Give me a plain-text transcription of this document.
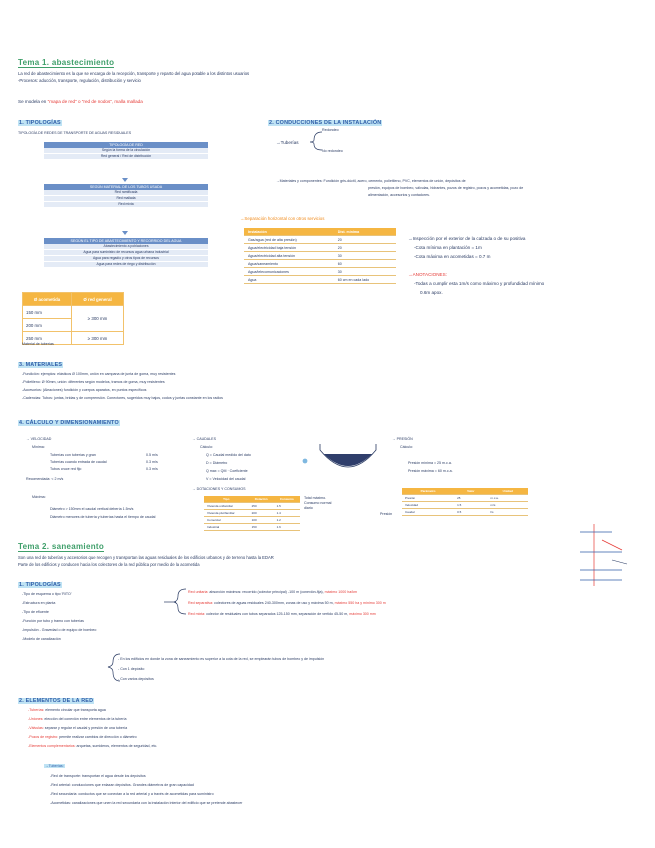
Tema 1. abastecimiento
La red de abastecimiento es la que se encarga de la recepción, transporte y reparto del agua potable a los distintos usuarios
-Procesos: aducción, transporte, regulación, distribución y servicio
Se modela en "mapa de red" o "red de nodos", malla mallada
1. TIPOLOGÍAS
TIPOLOGÍA DE REDES DE TRANSPORTE DE AGUAS RESIDUALES
TIPOLOGÍA DE RED
Según la forma de la circulación
Red general / Red de distribución
SEGÚN MATERIAL DE LOS TUBOS USADA
Red ramificada
Red mallada
Red mixta
SEGÚN EL TIPO DE ABASTECIMIENTO Y RECORRIDO DEL AGUA
Abastecimiento a poblaciones
Agua para suministro de recursos agua urbana industrial
Agua para regadío y otros tipos de recursos
Agua para redes de riego y distribución
Ø acometida	Ø red general
150 mm	≥ 300 mm
200 mm	
250 mm	≥ 300 mm
Material de tuberías
2. CONDUCCIONES DE LA INSTALACIÓN
→Tuberías
Redondeo
No redondeo
→Materiales y componentes: Fundición gris-dúctil, acero, cemento, polietileno, PVC, elementos de unión, depósitos de
presión, equipos de bombeo, válvulas, hidrantes, pozos de registro, pozos y acometidas, pozo de
alimentación, accesorios y contadores.
→Separación horizontal con otros servicios
Instalación	Dist. mínima
Gas/agua (red de alta presión)	20
Agua/electricidad baja tensión	20
Agua/electricidad alta tensión	30
Agua/saneamiento	60
Agua/telecomunicaciones	30
Agua	60 cm en cada lado
→Inspección por el exterior de la calzada o de su positiva
-Cota mínima en plantación = 1m
-Cota máxima en acometidas = 0.7 m
→ANOTACIONES:
-Todas a cumplir esta 1m/s como máximo y profundidad mínimo
0.6m apox.
3. MATERIALES
-Fundición: ejemplos: elásticos Ø 100mm, unión en campana de junta de goma, muy resistentes
-Polietileno: Ø 90mm, unión: diferentes según modelos, tramos de goma, muy resistentes
-Accesorios: (Aleaciones) fundición y cuerpos aparatos, en puntos específicos
-Cadencias: Tubos: juntas, bridas y de comprensión. Conectores, sugeridos muy bajos, codos y juntas constante en los radios
4. CÁLCULO Y DIMENSIONAMIENTO
→ VELOCIDAD
Mínima:
Tuberías con tuberías y gran	0.5 m/s
Tuberías cuando entrada de caudal	0.3 m/s
Tubos cruce red fijo	0.3 m/s
Recomendada: < 2 m/s
Máxima:
Diámetro > 150mm el caudal vertical debería 1.5m/s
Diámetro menores de tubería y tuberías hasta el tiempo de caudal
→ CAUDALES
Cálculo:
Q = Caudal medido del dato
D = Diámetro
Q max = QM · Coeficiente
V = Velocidad del caudal
→ PRESIÓN
Cálculo:
Presión mínima = 25 m.c.a.
Presión máxima = 60 m.c.a.
→ DOTACIONES Y CONSUMOS
Tipo	Dotación	Consumo
Vivienda unifamiliar	250	1.5
Vivienda plurifamiliar	200	1.4
Comercial	100	1.2
Industrial	150	1.6
Total máximo. Consumo normal diario
Presión
Parámetro	Valor	Unidad
Presión	25	m.c.a.
Velocidad	1.5	m/s
Caudal	0.5	l/s
Tema 2. saneamiento
Son una red de tuberías y accesorios que recogen y transportan las aguas residuales de los edificios urbanos y de terreno hasta la EDAR
Parte de los edificios y conducen hacia los colectores de la red pública por medio de la acometida
1. TIPOLOGÍAS
-Tipo de esquema o tipo 'RITO'
-Estructura en planta
-Tipo de efluente
-Función por tubo y tramo con tuberías
-Impulsión - Gravedad o de equipo de bombeo
-Modelo de canalización
Red unitaria: absorción máximos: recorrido (colector principal) -100 m (conexión-fija), máximo 1000 ha/km
Red separativa: colectores de aguas residuales 240-300mm, zonas de uso y máxima 50 m, máximo 550 ha y mínimo 300 m
Red mixta: colector de residuales con tubos separados 125-150 mm, separación de vertido 45-50 m, máximo 300 mm
- En los edificios en donde la zona de saneamiento es superior a la cota de la red, se emplearán tubos de bombeo y de impulsión
- Con 1 depósito
- Con varios depósitos
2. ELEMENTOS DE LA RED
-Tuberías: elemento circular que transporta agua
-Uniones: elección del conexión entre elementos de la tubería
-Válvulas: separar y regular el caudal y presión de una tubería
-Pozos de registro: permite realizar cambios de dirección o diámetro
-Elementos complementarios: arquetas, sumideros, elementos de seguridad, etc.
→Tuberías:
-Red de transporte: transportan el agua desde los depósitos
-Red arterial: conducciones que enlazan depósitos. Grandes diámetros de gran capacidad
-Red secundaria: conductos que se conectan a la red arterial y a través de acometidas para suministro
-Acometidas: canalizaciones que unen la red secundaria con la instalación interior del edificio que se pretende abastecer
